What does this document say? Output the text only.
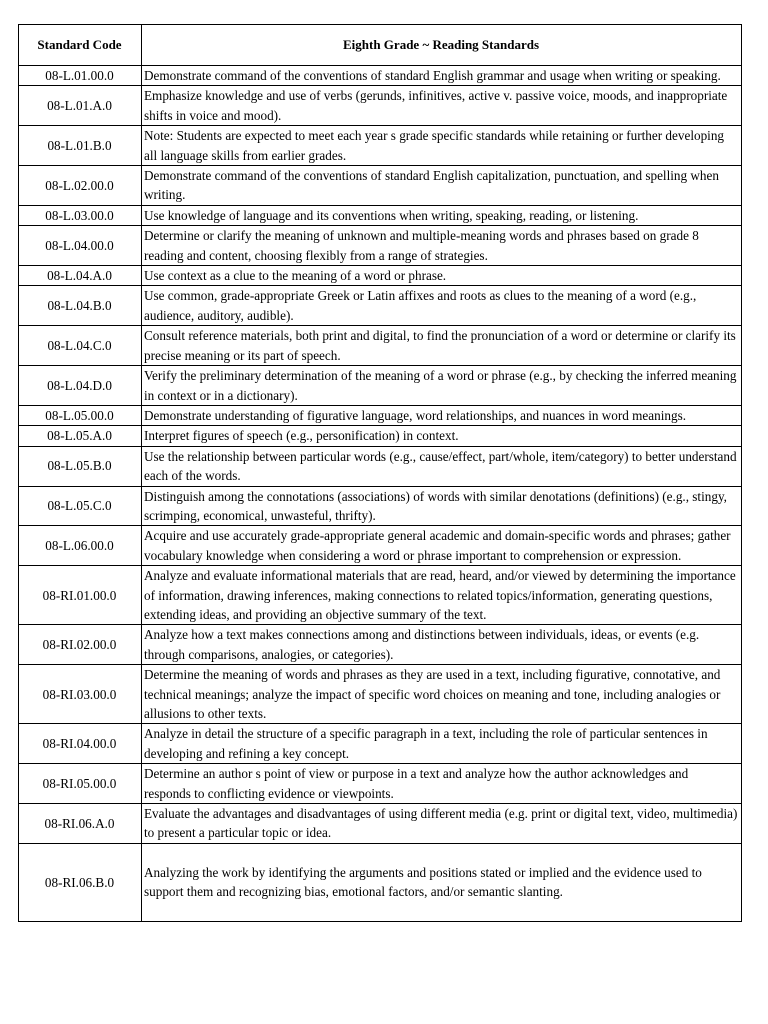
Standard Code	Eighth Grade ~ Reading Standards
08-L.01.00.0	Demonstrate command of the conventions of standard English grammar and usage when writing or speaking.
08-L.01.A.0	Emphasize knowledge and use of verbs (gerunds, infinitives, active v. passive voice, moods, and inappropriate shifts in voice and mood).
08-L.01.B.0	Note: Students are expected to meet each year s grade specific standards while retaining or further developing all language skills from earlier grades.
08-L.02.00.0	Demonstrate command of the conventions of standard English capitalization, punctuation, and spelling when writing.
08-L.03.00.0	Use knowledge of language and its conventions when writing, speaking, reading, or listening.
08-L.04.00.0	Determine or clarify the meaning of unknown and multiple-meaning words and phrases based on grade 8 reading and content, choosing flexibly from a range of strategies.
08-L.04.A.0	Use context as a clue to the meaning of a word or phrase.
08-L.04.B.0	Use common, grade-appropriate Greek or Latin affixes and roots as clues to the meaning of a word (e.g., audience, auditory, audible).
08-L.04.C.0	Consult reference materials, both print and digital, to find the pronunciation of a word or determine or clarify its precise meaning or its part of speech.
08-L.04.D.0	Verify the preliminary determination of the meaning of a word or phrase (e.g., by checking the inferred meaning in context or in a dictionary).
08-L.05.00.0	Demonstrate understanding of figurative language, word relationships, and nuances in word meanings.
08-L.05.A.0	Interpret figures of speech (e.g., personification) in context.
08-L.05.B.0	Use the relationship between particular words (e.g., cause/effect, part/whole, item/category) to better understand each of the words.
08-L.05.C.0	Distinguish among the connotations (associations) of words with similar denotations (definitions) (e.g., stingy, scrimping, economical, unwasteful, thrifty).
08-L.06.00.0	Acquire and use accurately grade-appropriate general academic and domain-specific words and phrases; gather vocabulary knowledge when considering a word or phrase important to comprehension or expression.
08-RI.01.00.0	Analyze and evaluate informational materials that are read, heard, and/or viewed by determining the importance of information, drawing inferences, making connections to related topics/information, generating questions, extending ideas, and providing an objective summary of the text.
08-RI.02.00.0	Analyze how a text makes connections among and distinctions between individuals, ideas, or events (e.g. through comparisons, analogies, or categories).
08-RI.03.00.0	Determine the meaning of words and phrases as they are used in a text, including figurative, connotative, and technical meanings; analyze the impact of specific word choices on meaning and tone, including analogies or allusions to other texts.
08-RI.04.00.0	Analyze in detail the structure of a specific paragraph in a text, including the role of particular sentences in developing and refining a key concept.
08-RI.05.00.0	Determine an author s point of view or purpose in a text and analyze how the author acknowledges and responds to conflicting evidence or viewpoints.
08-RI.06.A.0	Evaluate the advantages and disadvantages of using different media (e.g. print or digital text, video, multimedia) to present a particular topic or idea.
08-RI.06.B.0	Analyzing the work by identifying the arguments and positions stated or implied and the evidence used to support them and recognizing bias, emotional factors, and/or semantic slanting.
